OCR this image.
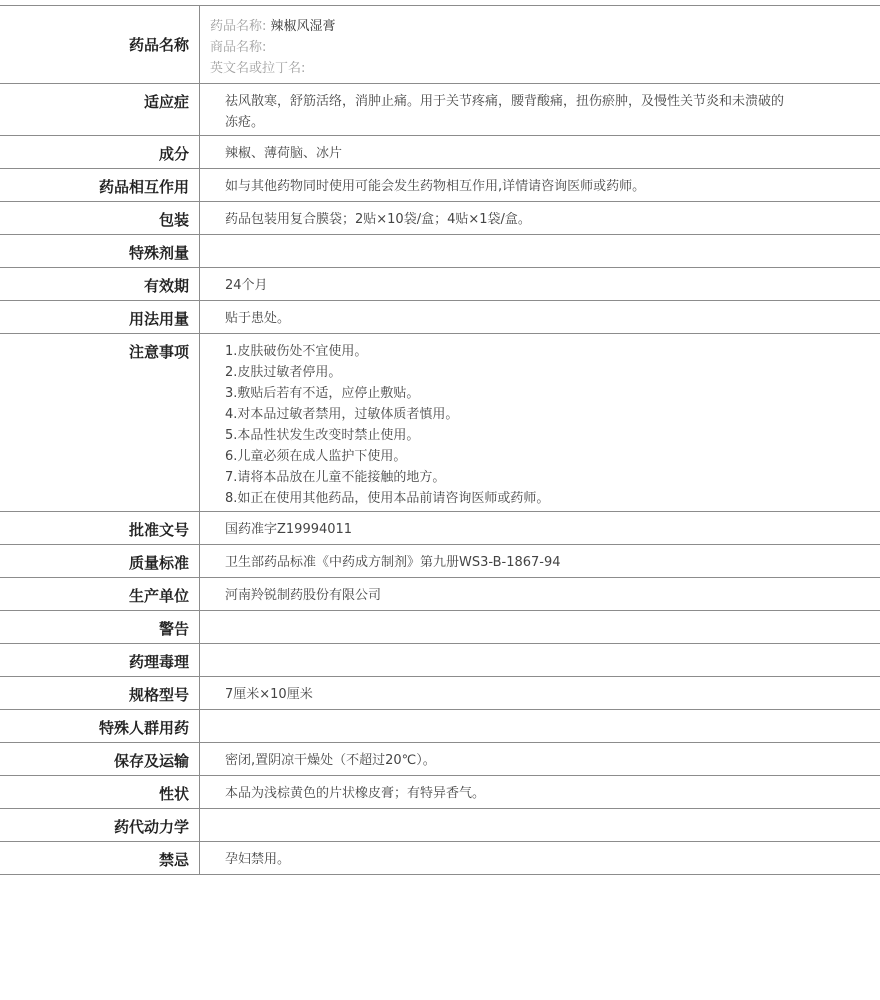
药品名称
药品名称: 辣椒风湿膏
商品名称:
英文名或拉丁名:
适应症	祛风散寒，舒筋活络，消肿止痛。用于关节疼痛，腰背酸痛，扭伤瘀肿，及慢性关节炎和未溃破的冻疮。
成分	辣椒、薄荷脑、冰片
药品相互作用	如与其他药物同时使用可能会发生药物相互作用,详情请咨询医师或药师。
包装	药品包装用复合膜袋；2贴×10袋/盒；4贴×1袋/盒。
特殊剂量
有效期	24个月
用法用量	贴于患处。
注意事项	1.皮肤破伤处不宜使用。
2.皮肤过敏者停用。
3.敷贴后若有不适，应停止敷贴。
4.对本品过敏者禁用，过敏体质者慎用。
5.本品性状发生改变时禁止使用。
6.儿童必须在成人监护下使用。
7.请将本品放在儿童不能接触的地方。
8.如正在使用其他药品，使用本品前请咨询医师或药师。
批准文号	国药准字Z19994011
质量标准	卫生部药品标准《中药成方制剂》第九册WS3-B-1867-94
生产单位	河南羚锐制药股份有限公司
警告
药理毒理
规格型号	7厘米×10厘米
特殊人群用药
保存及运输	密闭,置阴凉干燥处（不超过20℃）。
性状	本品为浅棕黄色的片状橡皮膏；有特异香气。
药代动力学
禁忌	孕妇禁用。
